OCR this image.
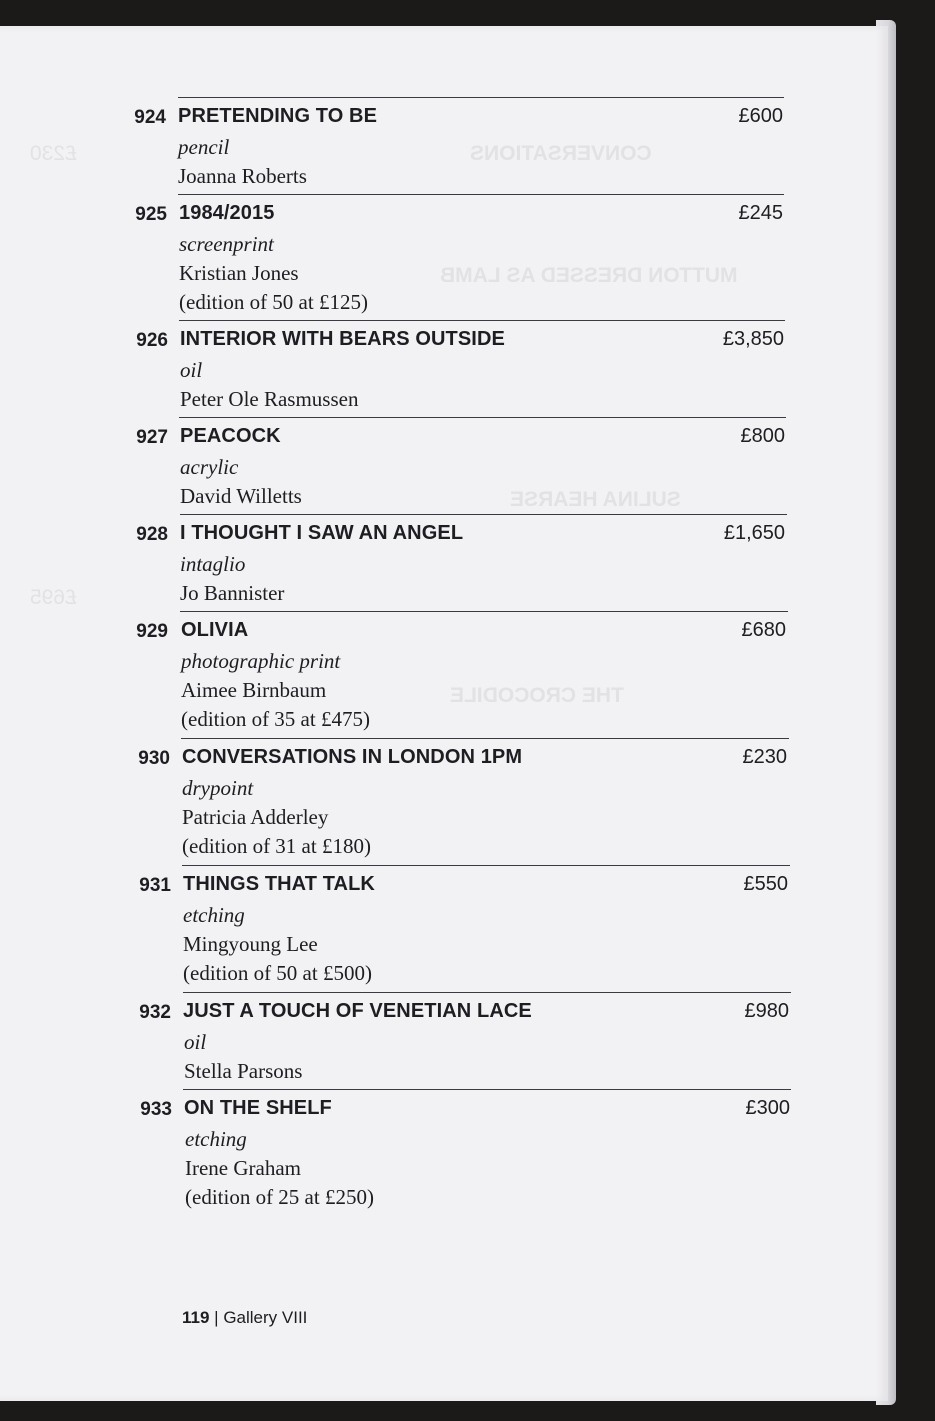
CONVERSATIONS
MUTTON DRESSED AS LAMB
SULINA HEARSE
THE CROCODILE
£230
£695
924 PRETENDING TO BE	£600
pencil
Joanna Roberts
925 1984/2015	£245
screenprint
Kristian Jones
(edition of 50 at £125)
926 INTERIOR WITH BEARS OUTSIDE	£3,850
oil
Peter Ole Rasmussen
927 PEACOCK	£800
acrylic
David Willetts
928 I THOUGHT I SAW AN ANGEL	£1,650
intaglio
Jo Bannister
929 OLIVIA	£680
photographic print
Aimee Birnbaum
(edition of 35 at £475)
930 CONVERSATIONS IN LONDON 1PM	£230
drypoint
Patricia Adderley
(edition of 31 at £180)
931 THINGS THAT TALK	£550
etching
Mingyoung Lee
(edition of 50 at £500)
932 JUST A TOUCH OF VENETIAN LACE	£980
oil
Stella Parsons
933 ON THE SHELF	£300
etching
Irene Graham
(edition of 25 at £250)
119 | Gallery VIII
